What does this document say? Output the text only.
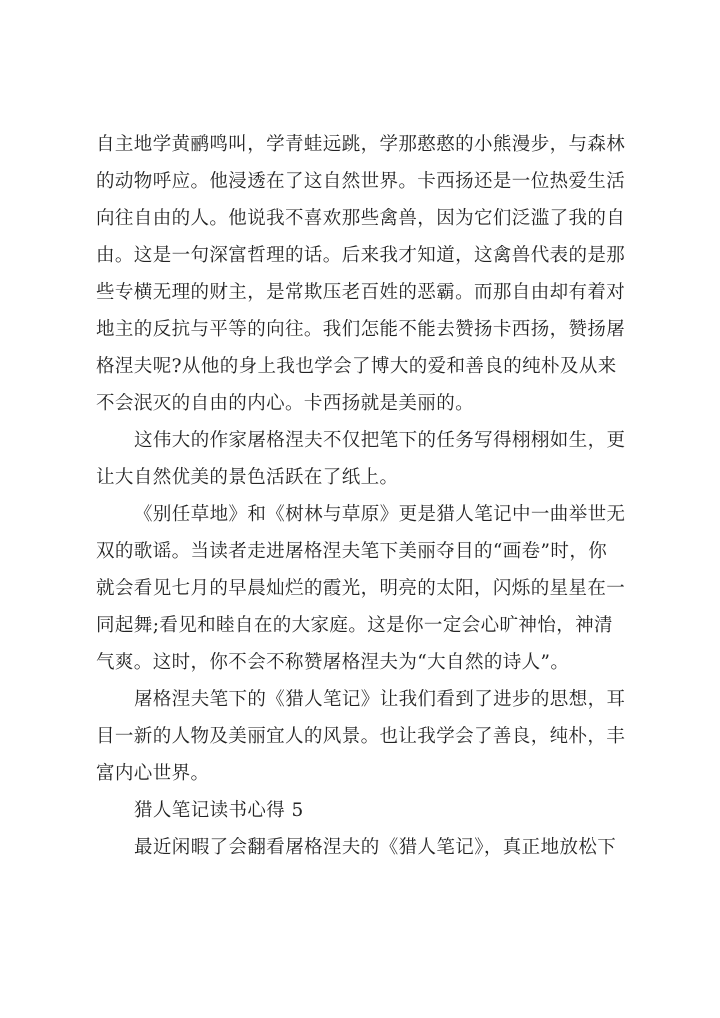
自主地学黄鹂鸣叫，学青蛙远跳，学那憨憨的小熊漫步，与森林
的动物呼应。他浸透在了这自然世界。卡西扬还是一位热爱生活
向往自由的人。他说我不喜欢那些禽兽，因为它们泛滥了我的自
由。这是一句深富哲理的话。后来我才知道，这禽兽代表的是那
些专横无理的财主，是常欺压老百姓的恶霸。而那自由却有着对
地主的反抗与平等的向往。我们怎能不能去赞扬卡西扬，赞扬屠
格涅夫呢?从他的身上我也学会了博大的爱和善良的纯朴及从来
不会泯灭的自由的内心。卡西扬就是美丽的。

这伟大的作家屠格涅夫不仅把笔下的任务写得栩栩如生，更
让大自然优美的景色活跃在了纸上。

《别任草地》和《树林与草原》更是猎人笔记中一曲举世无
双的歌谣。当读者走进屠格涅夫笔下美丽夺目的“画卷”时，你
就会看见七月的早晨灿烂的霞光，明亮的太阳，闪烁的星星在一
同起舞;看见和睦自在的大家庭。这是你一定会心旷神怡，神清
气爽。这时，你不会不称赞屠格涅夫为“大自然的诗人”。

屠格涅夫笔下的《猎人笔记》让我们看到了进步的思想，耳
目一新的人物及美丽宜人的风景。也让我学会了善良，纯朴，丰
富内心世界。

猎人笔记读书心得 5

最近闲暇了会翻看屠格涅夫的《猎人笔记》，真正地放松下
